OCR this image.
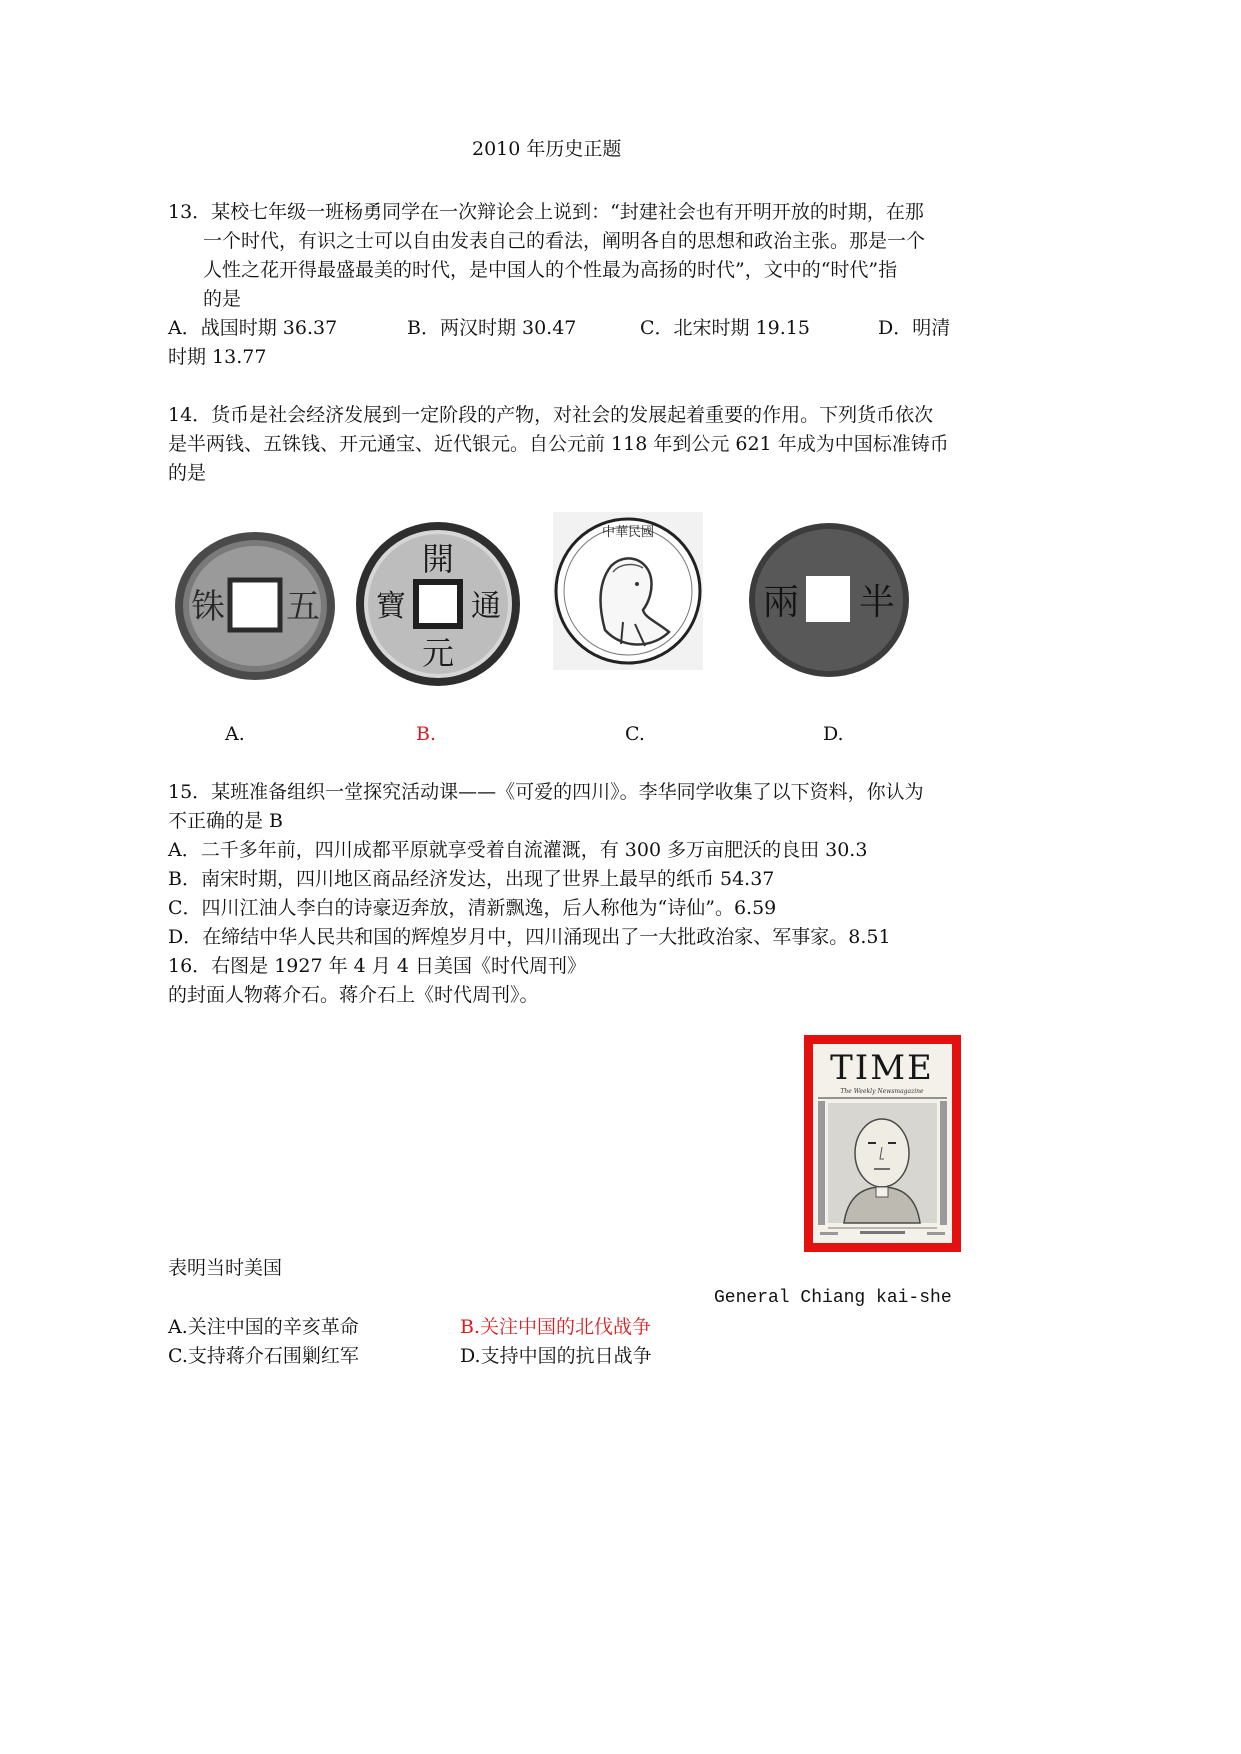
2010 年历史正题
13．某校七年级一班杨勇同学在一次辩论会上说到：“封建社会也有开明开放的时期，在那
一个时代，有识之士可以自由发表自己的看法，阐明各自的思想和政治主张。那是一个
人性之花开得最盛最美的时代，是中国人的个性最为高扬的时代”，文中的“时代”指
的是
A．战国时期 36.37	B．两汉时期 30.47	C．北宋时期 19.15	D．明清
时期 13.77
14．货币是社会经济发展到一定阶段的产物，对社会的发展起着重要的作用。下列货币依次
是半两钱、五铢钱、开元通宝、近代银元。自公元前 118 年到公元 621 年成为中国标准铸币
的是
铢 五
開
元
通
寶
中華民國
兩 半
A.	B.	C.	D.
15．某班准备组织一堂探究活动课——《可爱的四川》。李华同学收集了以下资料，你认为
不正确的是 B
A．二千多年前，四川成都平原就享受着自流灌溉，有 300 多万亩肥沃的良田 30.3
B．南宋时期，四川地区商品经济发达，出现了世界上最早的纸币 54.37
C．四川江油人李白的诗豪迈奔放，清新飘逸，后人称他为“诗仙”。6.59
D．在缔结中华人民共和国的辉煌岁月中，四川涌现出了一大批政治家、军事家。8.51
16．右图是 1927 年 4 月 4 日美国《时代周刊》
的封面人物蒋介石。蒋介石上《时代周刊》。
TIME
The Weekly Newsmagazine
表明当时美国
General Chiang kai-she
A.关注中国的辛亥革命	B.关注中国的北伐战争
C.支持蒋介石围剿红军	D.支持中国的抗日战争
